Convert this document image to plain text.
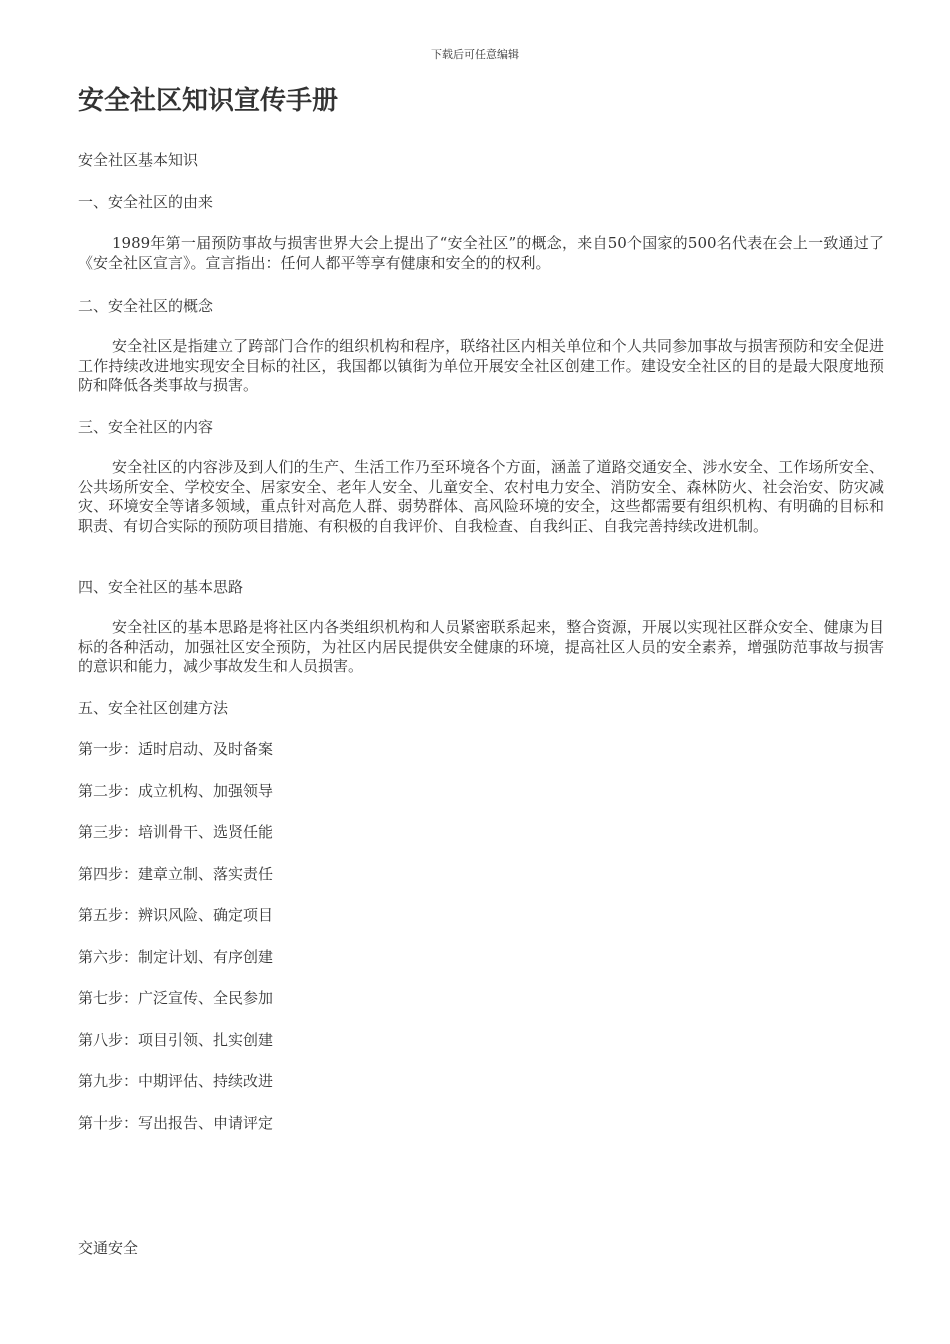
下载后可任意编辑
安全社区知识宣传手册
安全社区基本知识
一、安全社区的由来

1989年第一届预防事故与损害世界大会上提出了“安全社区”的概念，来自50个国家的500名代表在会上一致通过了《安全社区宣言》。宣言指出：任何人都平等享有健康和安全的的权利。

二、安全社区的概念

安全社区是指建立了跨部门合作的组织机构和程序，联络社区内相关单位和个人共同参加事故与损害预防和安全促进工作持续改进地实现安全目标的社区，我国都以镇街为单位开展安全社区创建工作。建设安全社区的目的是最大限度地预防和降低各类事故与损害。

三、安全社区的内容

安全社区的内容涉及到人们的生产、生活工作乃至环境各个方面，涵盖了道路交通安全、涉水安全、工作场所安全、公共场所安全、学校安全、居家安全、老年人安全、儿童安全、农村电力安全、消防安全、森林防火、社会治安、防灾减灾、环境安全等诸多领域，重点针对高危人群、弱势群体、高风险环境的安全，这些都需要有组织机构、有明确的目标和职责、有切合实际的预防项目措施、有积极的自我评价、自我检查、自我纠正、自我完善持续改进机制。

四、安全社区的基本思路

安全社区的基本思路是将社区内各类组织机构和人员紧密联系起来，整合资源，开展以实现社区群众安全、健康为目标的各种活动，加强社区安全预防，为社区内居民提供安全健康的环境，提高社区人员的安全素养，增强防范事故与损害的意识和能力，减少事故发生和人员损害。

五、安全社区创建方法
第一步：适时启动、及时备案
第二步：成立机构、加强领导
第三步：培训骨干、选贤任能
第四步：建章立制、落实责任
第五步：辨识风险、确定项目
第六步：制定计划、有序创建
第七步：广泛宣传、全民参加
第八步：项目引领、扎实创建
第九步：中期评估、持续改进
第十步：写出报告、申请评定
交通安全
